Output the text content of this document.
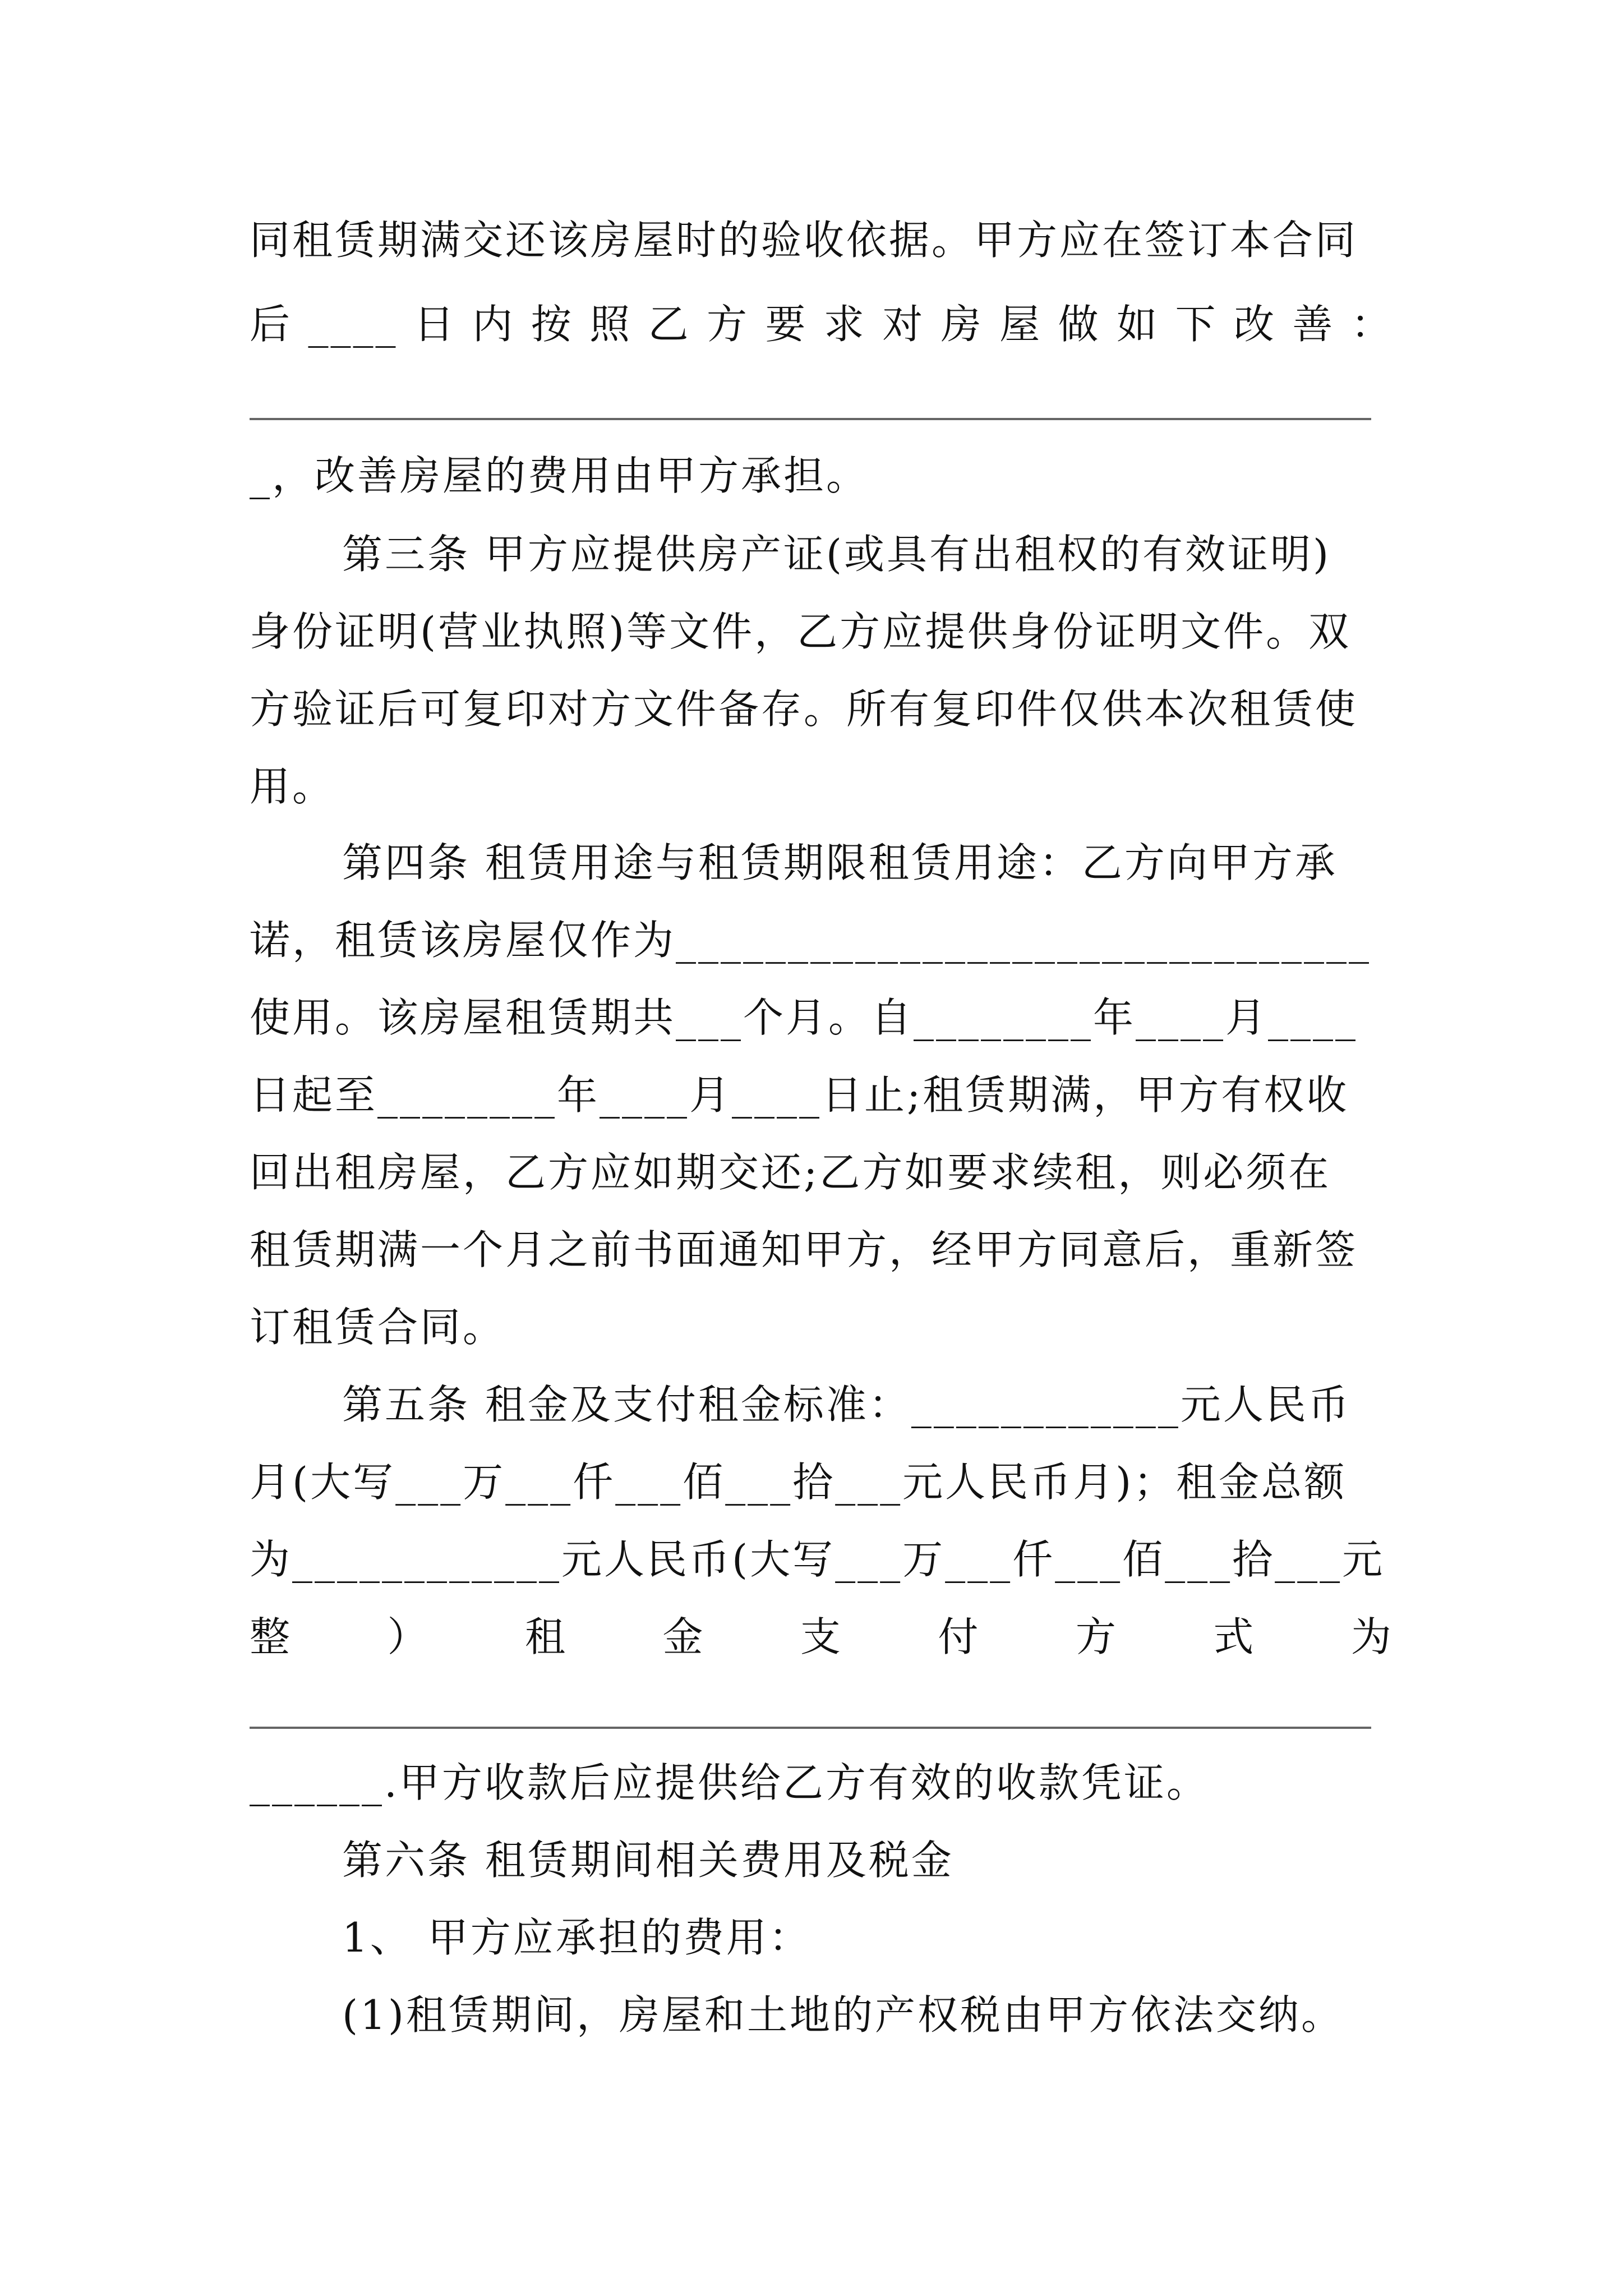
同租赁期满交还该房屋时的验收依据。甲方应在签订本合同
后 ____ 日 内 按 照 乙 方 要 求 对 房 屋 做 如 下 改 善 ：
_，改善房屋的费用由甲方承担。
第三条 甲方应提供房产证(或具有出租权的有效证明)
身份证明(营业执照)等文件，乙方应提供身份证明文件。双
方验证后可复印对方文件备存。所有复印件仅供本次租赁使
用。
第四条 租赁用途与租赁期限租赁用途：乙方向甲方承
诺，租赁该房屋仅作为_______________________________
使用。该房屋租赁期共___个月。自________年____月____
日起至________年____月____日止;租赁期满，甲方有权收
回出租房屋，乙方应如期交还;乙方如要求续租，则必须在
租赁期满一个月之前书面通知甲方，经甲方同意后，重新签
订租赁合同。
第五条 租金及支付租金标准：____________元人民币
月(大写___万___仟___佰___拾___元人民币月)；租金总额
为____________元人民币(大写___万___仟___佰___拾___元
整 ） 租 金 支 付 方 式 为
______.甲方收款后应提供给乙方有效的收款凭证。
第六条 租赁期间相关费用及税金
1、 甲方应承担的费用：
(1)租赁期间，房屋和土地的产权税由甲方依法交纳。
